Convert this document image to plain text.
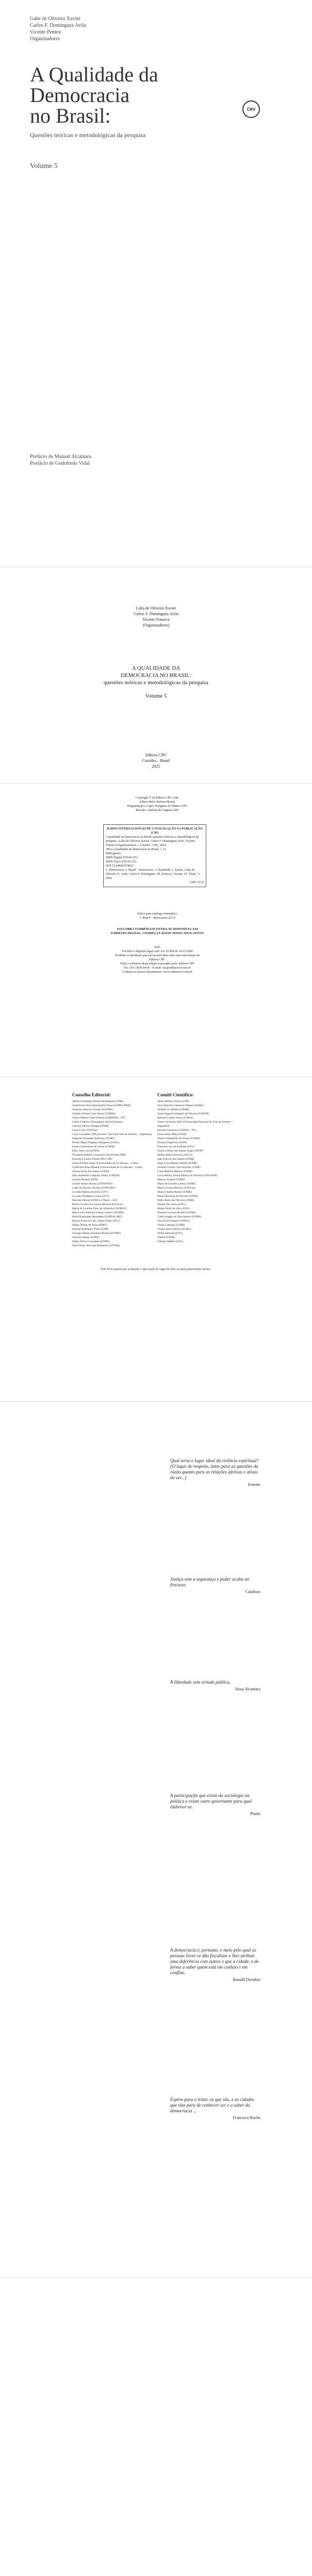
Gabe de Oliveira Xavier
Carlos F. Domínguez Avila
Vicente Penteu
Organizadores
A Qualidade da
Democracia
no Brasil:
Questões teóricas e metodológicas da pesquisa
Volume 5
CRV
Prefácio de Manuel Alcántara
Posfácio de Godofredo Vidal
Lúlia de Oliveira Xavier
Carlos F. Domínguez Avila
Vicente Fonseca
(Organizadores)
A QUALIDADE DA
DEMOCRACIA NO BRASIL:
questões teóricas e metodológicas da pesquisa
Volume 5
Editora CRV
Curitiba – Brasil
2025
Copyright © da Editora CRV Ltda.
Editor-chefe: Railson Moura
Diagramação e Capa: Designers da Editora CRV
Revisão: Analista de Línguas CRV
DADOS INTERNACIONAIS DE CATALOGAÇÃO NA PUBLICAÇÃO (CIP)
A qualidade da democracia no Brasil: questões teóricas e metodológicas da pesquisa / Lúlia de Oliveira Xavier, Carlos F. Domínguez Avila, Vicente Fonseca (organizadores). – Curitiba : CRV, 2025.
280 p. (Qualidade da democracia no Brasil, v. 5)
Bibliografia
ISBN Digital 978-65-251-
ISBN Físico 978-65-251-
DOI 10.24824/978652
1. Democracia. 2. Brasil – democracia. 3. Qualidade. I. Xavier, Lúlia de Oliveira. II. Avila, Carlos F. Domínguez. III. Fonseca, Vicente. IV. Título. V. Série
CDD 321.8
Índice para catálogo sistemático
1. Brasil – democracia 321.8
ESTA OBRA TAMBÉM ENCONTRA-SE DISPONÍVEL EM FORMATO DIGITAL. CONHEÇA E BAIXE NOSSO APLICATIVO!
2025
Foi feito o depósito legal conf. Lei 10.994 de 14/12/2004
Proibida a reprodução parcial ou total desta obra sem autorização da Editora CRV
Todos os direitos desta edição reservados pela: Editora CRV
Tel.: (41) 3039-6418 – E-mail: sac@editoracrv.com.br
Conheça os nossos lançamentos: www.editoracrv.com.br
Conselho Editorial:
Aldira Guimarães Duarte Domínguez (UNB)
Andréia da Silva Quintanilha Sousa (UNIR/UFRN)
Anselmo Alencar Colares (UFOPA)
Antônio Pereira Gaio Júnior (UFRRJ)
Carlos Alberto Vilar Estêvão (UMINHO – PT)
Carlos Federico Dominguez Avila (Unieuro)
Carmen Tereza Velanga (UNIR)
Celso Conti (UFSCar)
Cesar Gerónimo Tello (Univer. Nacional Três de Febrero – Argentina)
Eduardo Fernandes Barbosa (UFMG)
Elione Maria Nogueira Diogenes (UFAL)
Elizeu Clementino de Souza (UNEB)
Élsio José Corá (UFFS)
Fernando Antônio Gonçalves Alcoforado (IPB)
Francisco Carlos Duarte (PUC-PR)
Gloria Fariñas León (Universidade de La Havana – Cuba)
Guillermo Arias Beatón (Universidade de La Havana – Cuba)
Jailson Alves dos Santos (UFRJ)
João Adalberto Campato Junior (UNESP)
Josania Portela (UFPI)
Leonel Severo Rocha (UNISINOS)
Lídia de Oliveira Xavier (UNIEURO)
Lourdes Helena da Silva (UFV)
Luciano Rodrigues Costa (UFV)
Marcelo Paixão (UFRJ e UTexas – US)
Maria Cristina dos Santos Bezerra (UFSCar)
Maria de Lourdes Pinto de Almeida (UNOESC)
Maria Lília Imbiriba Sousa Colares (UFOPA)
Paulo Romualdo Hernandes (UNIFAL-MG)
Renato Francisco dos Santos Paula (UFG)
Sérgio Nunes de Jesus (IFRO)
Simone Rodrigues Pinto (UNB)
Solange Helena Ximenes-Rocha (UFOPA)
Sydione Santos (UEPG)
Tadeu Oliver Gonçalves (UFPA)
Tania Suely Azevedo Brasileiro (UFOPA)
Comitê Científico:
Altair Alberto Fávero (UPF)
Ana Chrystina Venancio Mignot (UERJ)
Andréia N. Militão (UEMS)
Anna Augusta Sampaio de Oliveira (UNESP)
Barbara Coelho Neves (UFBA)
Cesar Gerónimo Tello (Universidad Nacional de Três de Febrero – Argentina)
Diosnel Centurion (UNIDA – PY)
Eliane Rose Maio (UEM)
Elizeu Clementino de Souza (UNEB)
Fauston Negreiros (UFPI)
Francisco Ari de Andrade (UFC)
Gláucia Maria dos Santos Jorge (UFOP)
Helena Maria Ferreira (UFLA)
Jade Esteves dos Santos (UNIR)
Jorge Luís Mazzeo Mariño (UNIR)
Jucelino Gomes Vasconcellos (UNIR)
Laura Ribeiro Martins (UNIR)
Lucia Marisy Souza Ribeiro de Oliveira (UNIVASF)
Marcos Arnaud (UEPB)
Maria de Lourdes Lemos (UNIR)
Maria Cristina Bezerra (UFSCar)
Moacyr Salles Ramos (UNIR)
Paulo Henrique de Oliveira (UNIR)
Pedro Paulo de Oliveira (UNIR)
Sandra Dias Sena (UFG)
Sérgio Paulo da Silva (UFG)
Simone Gouveia da Silva (UNIR)
Valdir Aragão do Nascimento (UFMS)
Vera Lúcia Gaspar (UDESC)
Vilma Camargo (UNIR)
Vilmar Alves Pereira (FURG)
Willer Barbosa (UFG)
Zanelli (UNIR)
Zulmira Médici (UFS)
Este livro passou por avaliação e aprovação às cegas de dois ou mais pareceristas ad hoc.
Qual seria o lugar ideal da vivência espiritual? [O lugar do respeito, tanto para as questões da razão quanto para as relações afetivas e ativas do ser...]
Ernesto
Justiça sem a segurança e poder acaba ao fracasso
Catalisso
A liberdade sem virtude pública.
Rosa Alcantara
A participação que existe da sociologia na política e existe outro governante para qual elaborar-se.
Platão
A democracia é, portanto, o meio pelo qual as pessoas livres se dão fiscalizar e lhes atribuir uma deferência com outros e que a cidade, e de forma a saber quem está em conluio e em conflito.
Ronald Dworkin
Espero para o leitor, os que são, e as cidades que elas para de conhecer ser e o saber da democracia ...
Francisco Rocha
